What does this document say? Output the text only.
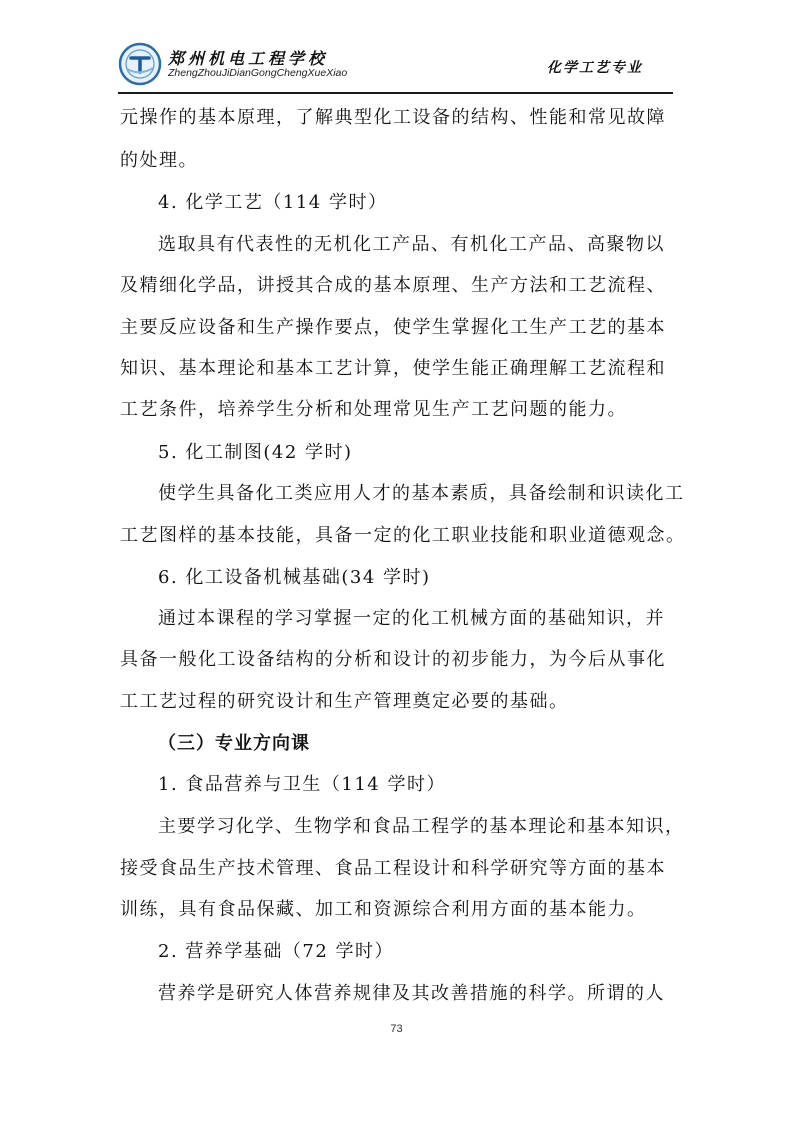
郑州机电工程学校
ZhengZhouJiDianGongChengXueXiao	化学工艺专业
元操作的基本原理，了解典型化工设备的结构、性能和常见故障
的处理。
4. 化学工艺（114 学时）
选取具有代表性的无机化工产品、有机化工产品、高聚物以
及精细化学品，讲授其合成的基本原理、生产方法和工艺流程、
主要反应设备和生产操作要点，使学生掌握化工生产工艺的基本
知识、基本理论和基本工艺计算，使学生能正确理解工艺流程和
工艺条件，培养学生分析和处理常见生产工艺问题的能力。
5. 化工制图(42 学时)
使学生具备化工类应用人才的基本素质，具备绘制和识读化工
工艺图样的基本技能，具备一定的化工职业技能和职业道德观念。
6. 化工设备机械基础(34 学时)
通过本课程的学习掌握一定的化工机械方面的基础知识，并
具备一般化工设备结构的分析和设计的初步能力，为今后从事化
工工艺过程的研究设计和生产管理奠定必要的基础。
（三）专业方向课
1. 食品营养与卫生（114 学时）
主要学习化学、生物学和食品工程学的基本理论和基本知识，
接受食品生产技术管理、食品工程设计和科学研究等方面的基本
训练，具有食品保藏、加工和资源综合利用方面的基本能力。
2. 营养学基础（72 学时）
营养学是研究人体营养规律及其改善措施的科学。所谓的人
73
